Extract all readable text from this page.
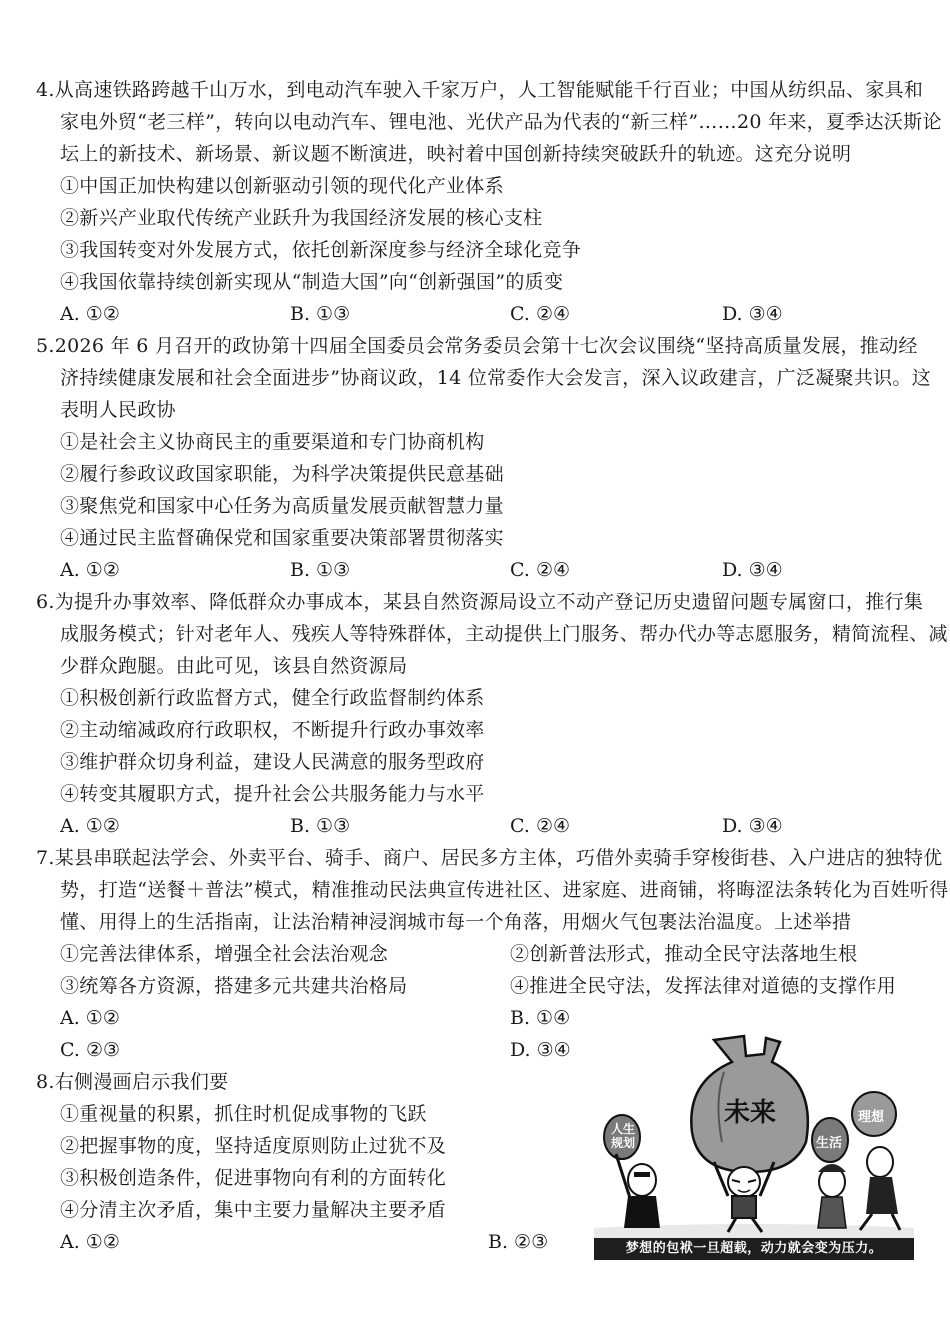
4.从高速铁路跨越千山万水，到电动汽车驶入千家万户，人工智能赋能千行百业；中国从纺织品、家具和
家电外贸“老三样”，转向以电动汽车、锂电池、光伏产品为代表的“新三样”……20 年来，夏季达沃斯论
坛上的新技术、新场景、新议题不断演进，映衬着中国创新持续突破跃升的轨迹。这充分说明
①中国正加快构建以创新驱动引领的现代化产业体系
②新兴产业取代传统产业跃升为我国经济发展的核心支柱
③我国转变对外发展方式，依托创新深度参与经济全球化竞争
④我国依靠持续创新实现从“制造大国”向“创新强国”的质变
A. ①②	B. ①③	C. ②④	D. ③④
5.2026 年 6 月召开的政协第十四届全国委员会常务委员会第十七次会议围绕“坚持高质量发展，推动经
济持续健康发展和社会全面进步”协商议政，14 位常委作大会发言，深入议政建言，广泛凝聚共识。这
表明人民政协
①是社会主义协商民主的重要渠道和专门协商机构
②履行参政议政国家职能，为科学决策提供民意基础
③聚焦党和国家中心任务为高质量发展贡献智慧力量
④通过民主监督确保党和国家重要决策部署贯彻落实
A. ①②	B. ①③	C. ②④	D. ③④
6.为提升办事效率、降低群众办事成本，某县自然资源局设立不动产登记历史遗留问题专属窗口，推行集
成服务模式；针对老年人、残疾人等特殊群体，主动提供上门服务、帮办代办等志愿服务，精简流程、减
少群众跑腿。由此可见，该县自然资源局
①积极创新行政监督方式，健全行政监督制约体系
②主动缩减政府行政职权，不断提升行政办事效率
③维护群众切身利益，建设人民满意的服务型政府
④转变其履职方式，提升社会公共服务能力与水平
A. ①②	B. ①③	C. ②④	D. ③④
7.某县串联起法学会、外卖平台、骑手、商户、居民多方主体，巧借外卖骑手穿梭街巷、入户进店的独特优
势，打造“送餐＋普法”模式，精准推动民法典宣传进社区、进家庭、进商铺，将晦涩法条转化为百姓听得
懂、用得上的生活指南，让法治精神浸润城市每一个角落，用烟火气包裹法治温度。上述举措
①完善法律体系，增强全社会法治观念	②创新普法形式，推动全民守法落地生根
③统筹各方资源，搭建多元共建共治格局	④推进全民守法，发挥法律对道德的支撑作用
A. ①②	B. ①④
C. ②③	D. ③④
8.右侧漫画启示我们要
①重视量的积累，抓住时机促成事物的飞跃
②把握事物的度，坚持适度原则防止过犹不及
③积极创造条件，促进事物向有利的方面转化
④分清主次矛盾，集中主要力量解决主要矛盾
A. ①②	B. ②③
未来
人生规划	生活
理想
梦想的包袱一旦超载，动力就会变为压力。
